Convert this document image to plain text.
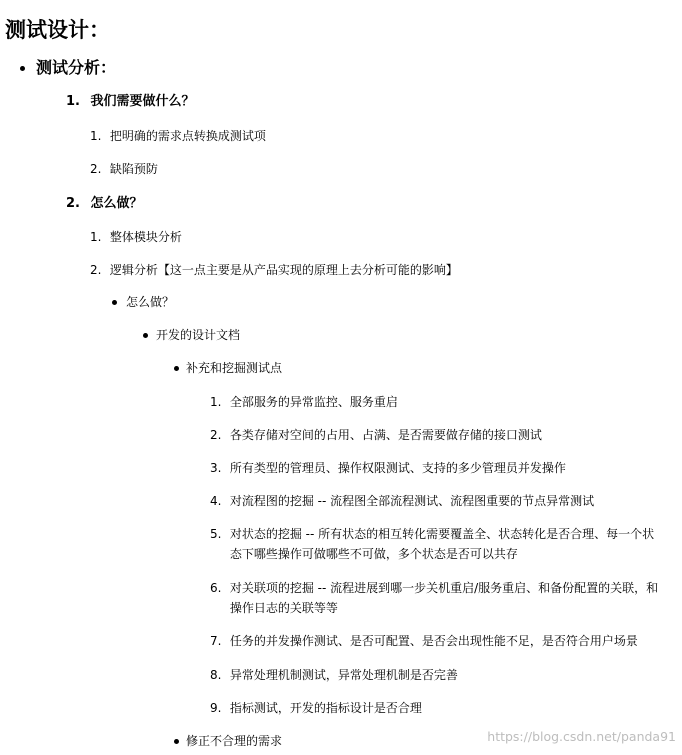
测试设计：
测试分析：
1. 我们需要做什么？
1. 把明确的需求点转换成测试项
2. 缺陷预防
2. 怎么做？
1. 整体模块分析
2. 逻辑分析【这一点主要是从产品实现的原理上去分析可能的影响】
怎么做？
开发的设计文档
补充和挖掘测试点
1. 全部服务的异常监控、服务重启
2. 各类存储对空间的占用、占满、是否需要做存储的接口测试
3. 所有类型的管理员、操作权限测试、支持的多少管理员并发操作
4. 对流程图的挖掘 -- 流程图全部流程测试、流程图重要的节点异常测试
5. 对状态的挖掘 -- 所有状态的相互转化需要覆盖全、状态转化是否合理、每一个状态下哪些操作可做哪些不可做，多个状态是否可以共存
6. 对关联项的挖掘 -- 流程进展到哪一步关机重启/服务重启、和备份配置的关联，和操作日志的关联等等
7. 任务的并发操作测试、是否可配置、是否会出现性能不足，是否符合用户场景
8. 异常处理机制测试，异常处理机制是否完善
9. 指标测试，开发的指标设计是否合理
修正不合理的需求	https://blog.csdn.net/panda91
